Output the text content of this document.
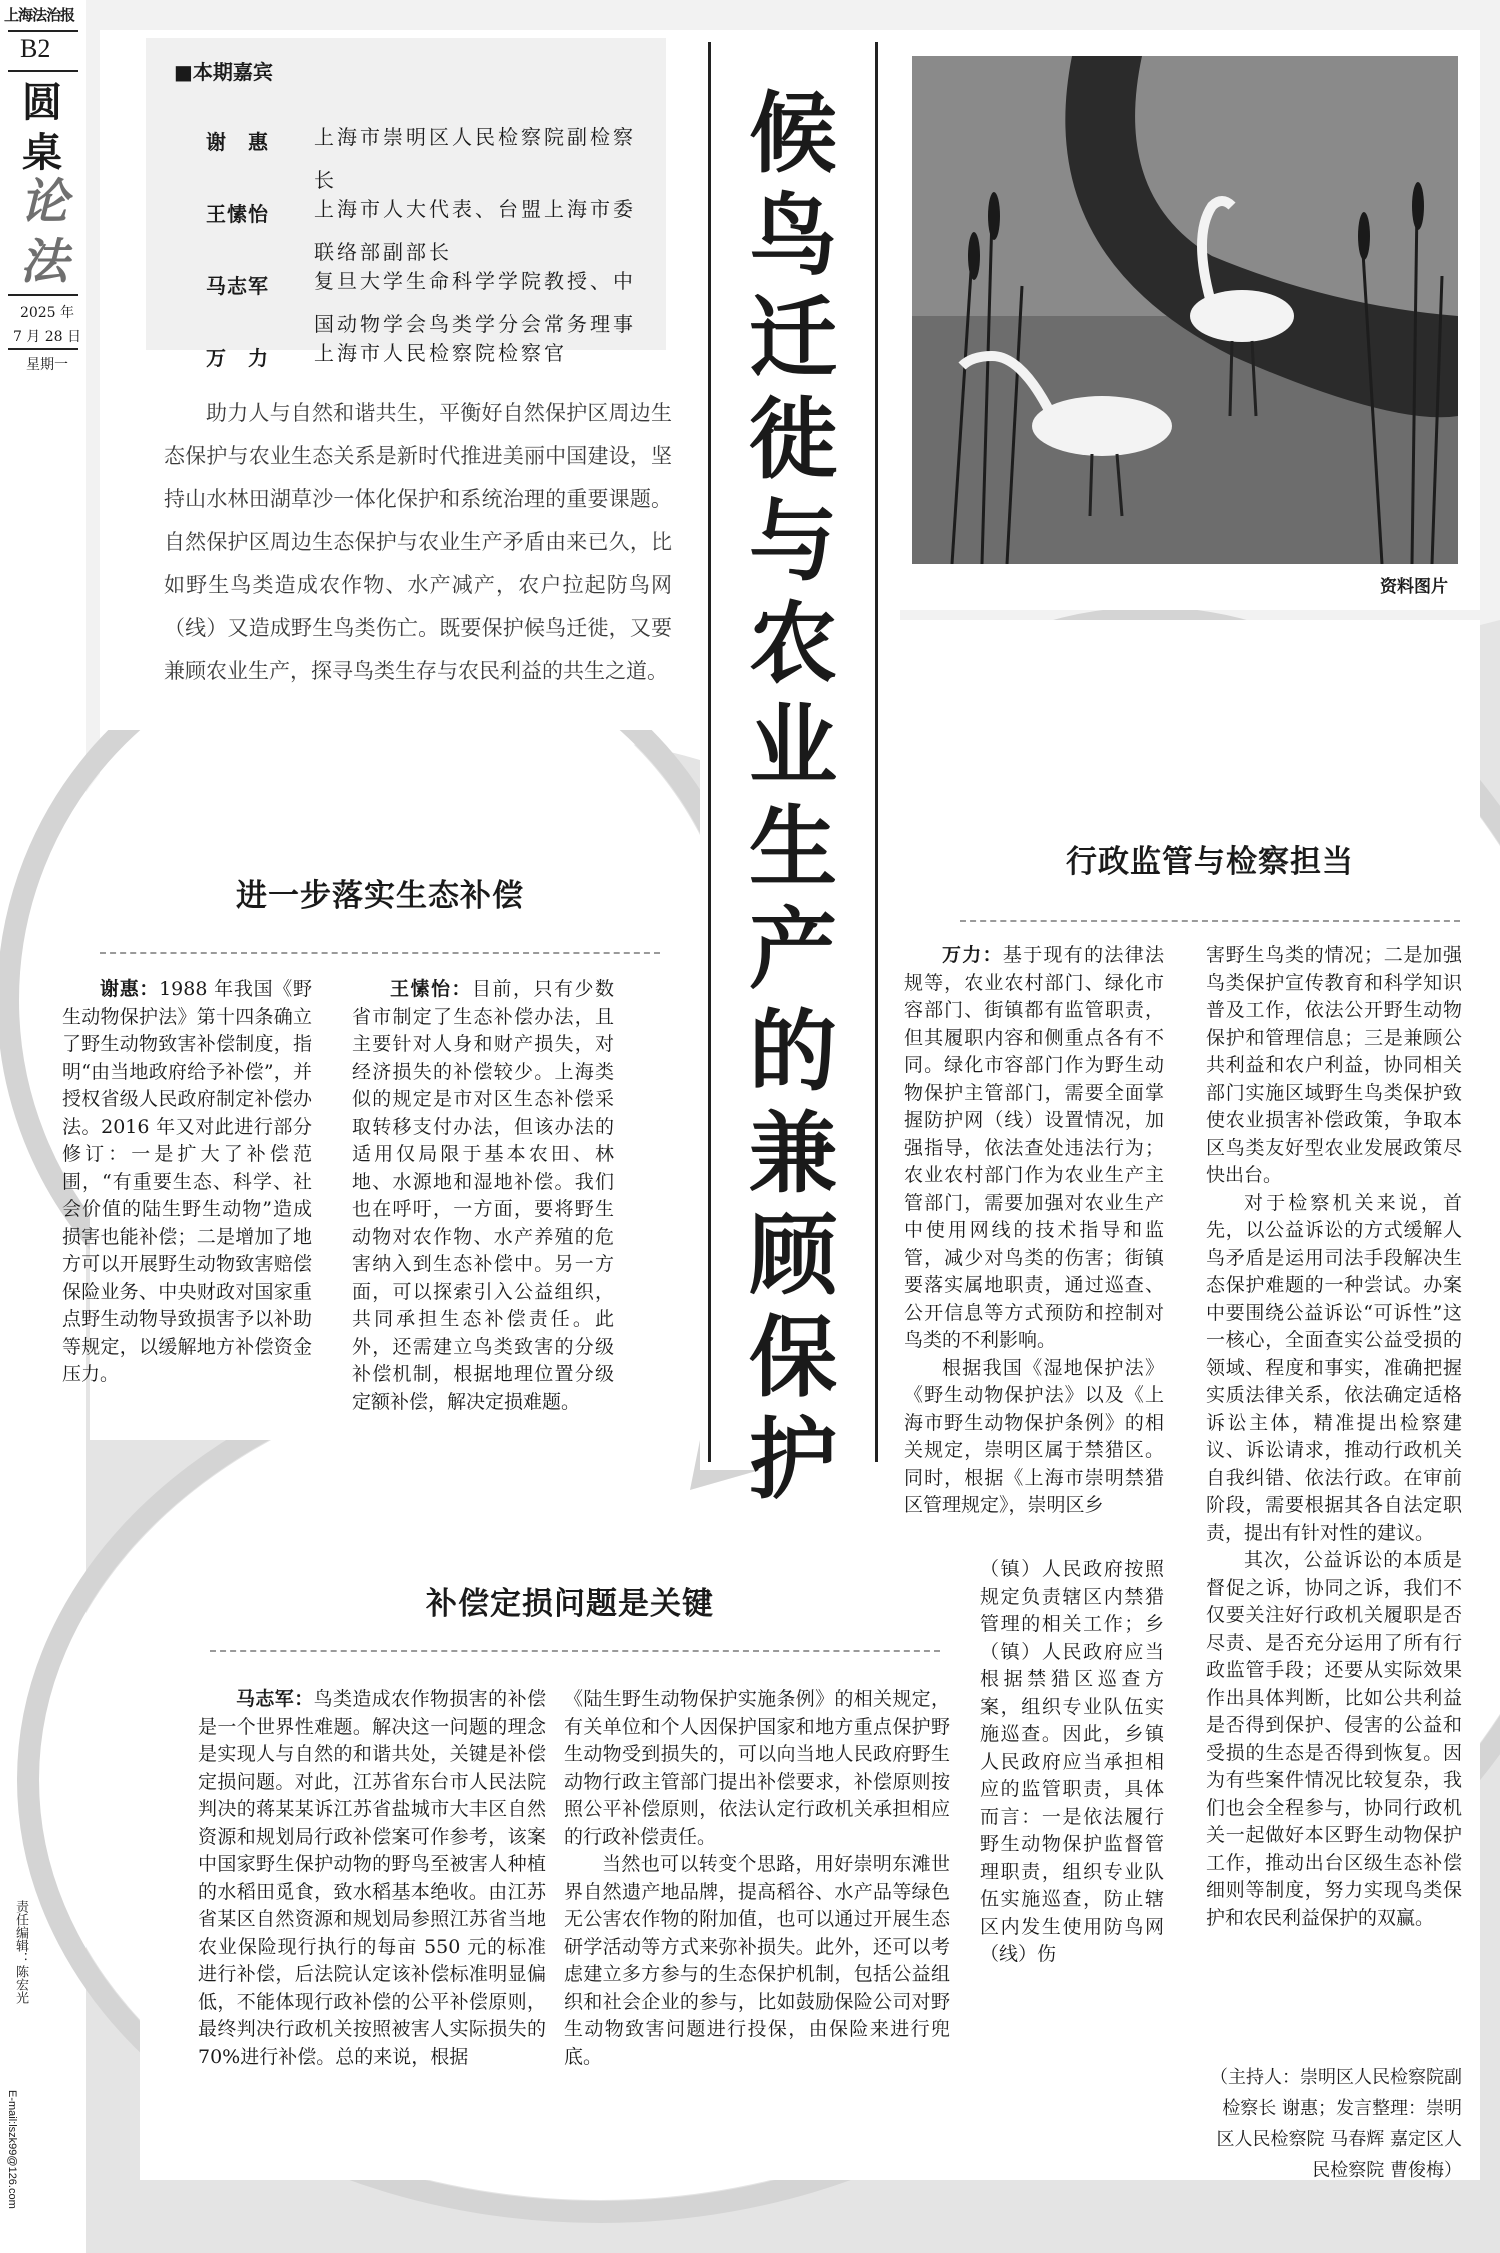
上海法治报
B2
圆
桌
论
法
2025 年
7 月 28 日
星期一
责任编辑：陈宏光
E-mail:lszk99@126.com
■本期嘉宾
谢　惠	上海市崇明区人民检察院副检察长
王愫怡	上海市人大代表、台盟上海市委联络部副部长
马志军	复旦大学生命科学学院教授、中国动物学会鸟类学分会常务理事
万　力	上海市人民检察院检察官

助力人与自然和谐共生，平衡好自然保护区周边生态保护与农业生态关系是新时代推进美丽中国建设，坚持山水林田湖草沙一体化保护和系统治理的重要课题。自然保护区周边生态保护与农业生产矛盾由来已久，比如野生鸟类造成农作物、水产减产，农户拉起防鸟网（线）又造成野生鸟类伤亡。既要保护候鸟迁徙，又要兼顾农业生产，探寻鸟类生存与农民利益的共生之道。

候鸟迁徙与农业生产的兼顾保护
资料图片
进一步落实生态补偿

谢惠：1988 年我国《野生动物保护法》第十四条确立了野生动物致害补偿制度，指明“由当地政府给予补偿”，并授权省级人民政府制定补偿办法。2016 年又对此进行部分修订：一是扩大了补偿范围，“有重要生态、科学、社会价值的陆生野生动物”造成损害也能补偿；二是增加了地方可以开展野生动物致害赔偿保险业务、中央财政对国家重点野生动物导致损害予以补助等规定，以缓解地方补偿资金压力。

王愫怡：目前，只有少数省市制定了生态补偿办法，且主要针对人身和财产损失，对经济损失的补偿较少。上海类似的规定是市对区生态补偿采取转移支付办法，但该办法的适用仅局限于基本农田、林地、水源地和湿地补偿。我们也在呼吁，一方面，要将野生动物对农作物、水产养殖的危害纳入到生态补偿中。另一方面，可以探索引入公益组织，共同承担生态补偿责任。此外，还需建立鸟类致害的分级补偿机制，根据地理位置分级定额补偿，解决定损难题。

补偿定损问题是关键

马志军：鸟类造成农作物损害的补偿是一个世界性难题。解决这一问题的理念是实现人与自然的和谐共处，关键是补偿定损问题。对此，江苏省东台市人民法院判决的蒋某某诉江苏省盐城市大丰区自然资源和规划局行政补偿案可作参考，该案中国家野生保护动物的野鸟至被害人种植的水稻田觅食，致水稻基本绝收。由江苏省某区自然资源和规划局参照江苏省当地农业保险现行执行的每亩 550 元的标准进行补偿，后法院认定该补偿标准明显偏低，不能体现行政补偿的公平补偿原则，最终判决行政机关按照被害人实际损失的 70%进行补偿。总的来说，根据

《陆生野生动物保护实施条例》的相关规定，有关单位和个人因保护国家和地方重点保护野生动物受到损失的，可以向当地人民政府野生动物行政主管部门提出补偿要求，补偿原则按照公平补偿原则，依法认定行政机关承担相应的行政补偿责任。

当然也可以转变个思路，用好崇明东滩世界自然遗产地品牌，提高稻谷、水产品等绿色无公害农作物的附加值，也可以通过开展生态研学活动等方式来弥补损失。此外，还可以考虑建立多方参与的生态保护机制，包括公益组织和社会企业的参与，比如鼓励保险公司对野生动物致害问题进行投保，由保险来进行兜底。

行政监管与检察担当

万力：基于现有的法律法规等，农业农村部门、绿化市容部门、街镇都有监管职责，但其履职内容和侧重点各有不同。绿化市容部门作为野生动物保护主管部门，需要全面掌握防护网（线）设置情况，加强指导，依法查处违法行为；农业农村部门作为农业生产主管部门，需要加强对农业生产中使用网线的技术指导和监管，减少对鸟类的伤害；街镇要落实属地职责，通过巡查、公开信息等方式预防和控制对鸟类的不利影响。

根据我国《湿地保护法》《野生动物保护法》以及《上海市野生动物保护条例》的相关规定，崇明区属于禁猎区。同时，根据《上海市崇明禁猎区管理规定》，崇明区乡

（镇）人民政府按照规定负责辖区内禁猎管理的相关工作；乡（镇）人民政府应当根据禁猎区巡查方案，组织专业队伍实施巡查。因此，乡镇人民政府应当承担相应的监管职责，具体而言：一是依法履行野生动物保护监督管理职责，组织专业队伍实施巡查，防止辖区内发生使用防鸟网（线）伤

害野生鸟类的情况；二是加强鸟类保护宣传教育和科学知识普及工作，依法公开野生动物保护和管理信息；三是兼顾公共利益和农户利益，协同相关部门实施区域野生鸟类保护致使农业损害补偿政策，争取本区鸟类友好型农业发展政策尽快出台。

对于检察机关来说，首先，以公益诉讼的方式缓解人鸟矛盾是运用司法手段解决生态保护难题的一种尝试。办案中要围绕公益诉讼“可诉性”这一核心，全面查实公益受损的领域、程度和事实，准确把握实质法律关系，依法确定适格诉讼主体，精准提出检察建议、诉讼请求，推动行政机关自我纠错、依法行政。在审前阶段，需要根据其各自法定职责，提出有针对性的建议。

其次，公益诉讼的本质是督促之诉，协同之诉，我们不仅要关注好行政机关履职是否尽责、是否充分运用了所有行政监管手段；还要从实际效果作出具体判断，比如公共利益是否得到保护、侵害的公益和受损的生态是否得到恢复。因为有些案件情况比较复杂，我们也会全程参与，协同行政机关一起做好本区野生动物保护工作，推动出台区级生态补偿细则等制度，努力实现鸟类保护和农民利益保护的双赢。

（主持人：崇明区人民检察院副检察长 谢惠；发言整理：崇明区人民检察院 马春辉 嘉定区人民检察院 曹俊梅）
